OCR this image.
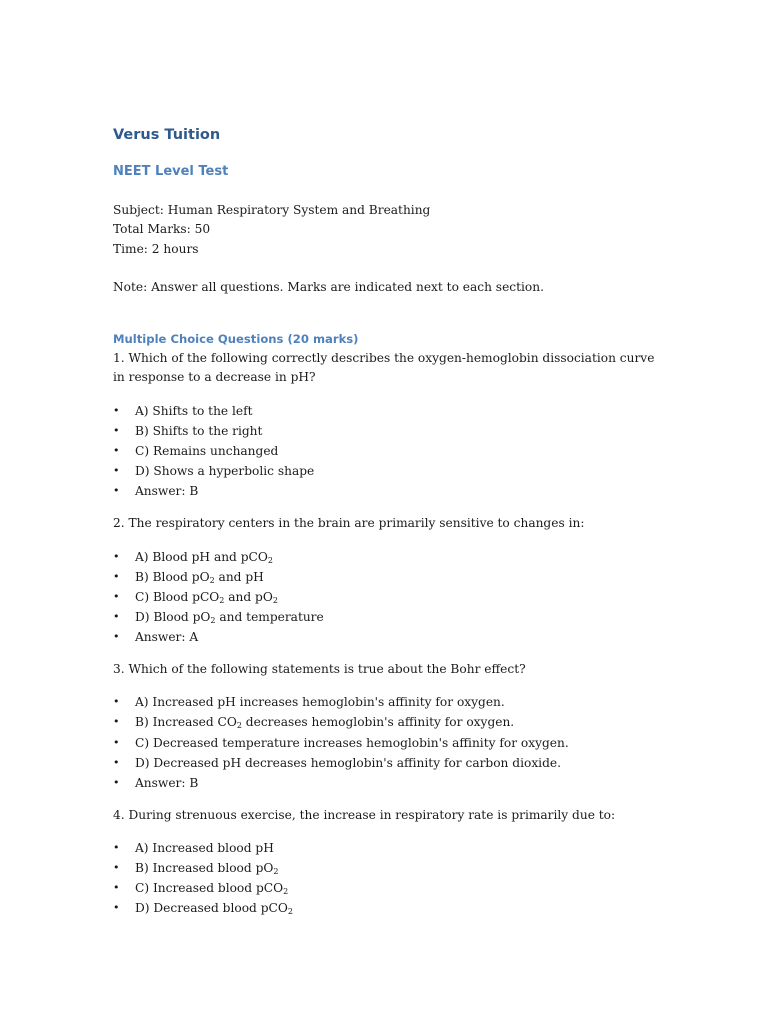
Verus Tuition
NEET Level Test

Subject: Human Respiratory System and Breathing

Total Marks: 50

Time: 2 hours

Note: Answer all questions. Marks are indicated next to each section.

Multiple Choice Questions (20 marks)

1. Which of the following correctly describes the oxygen-hemoglobin dissociation curve in response to a decrease in pH?

• A) Shifts to the left
• B) Shifts to the right
• C) Remains unchanged
• D) Shows a hyperbolic shape
• Answer: B

2. The respiratory centers in the brain are primarily sensitive to changes in:

• A) Blood pH and pCO$_2$
• B) Blood $pO_2$ and pH
• C) Blood pCO$_2$ and $pO_2$
• D) Blood $pO_2$ and temperature
• Answer: A

3. Which of the following statements is true about the Bohr effect?

• A) Increased pH increases hemoglobin's affinity for oxygen.
• B) Increased $CO_2$ decreases hemoglobin's affinity for oxygen.
• C) Decreased temperature increases hemoglobin's affinity for oxygen.
• D) Decreased pH decreases hemoglobin's affinity for carbon dioxide.
• Answer: B

4. During strenuous exercise, the increase in respiratory rate is primarily due to:

• A) Increased blood pH
• B) Increased blood $pO_2$
• C) Increased blood pCO$_2$
• D) Decreased blood pCO$_2$
